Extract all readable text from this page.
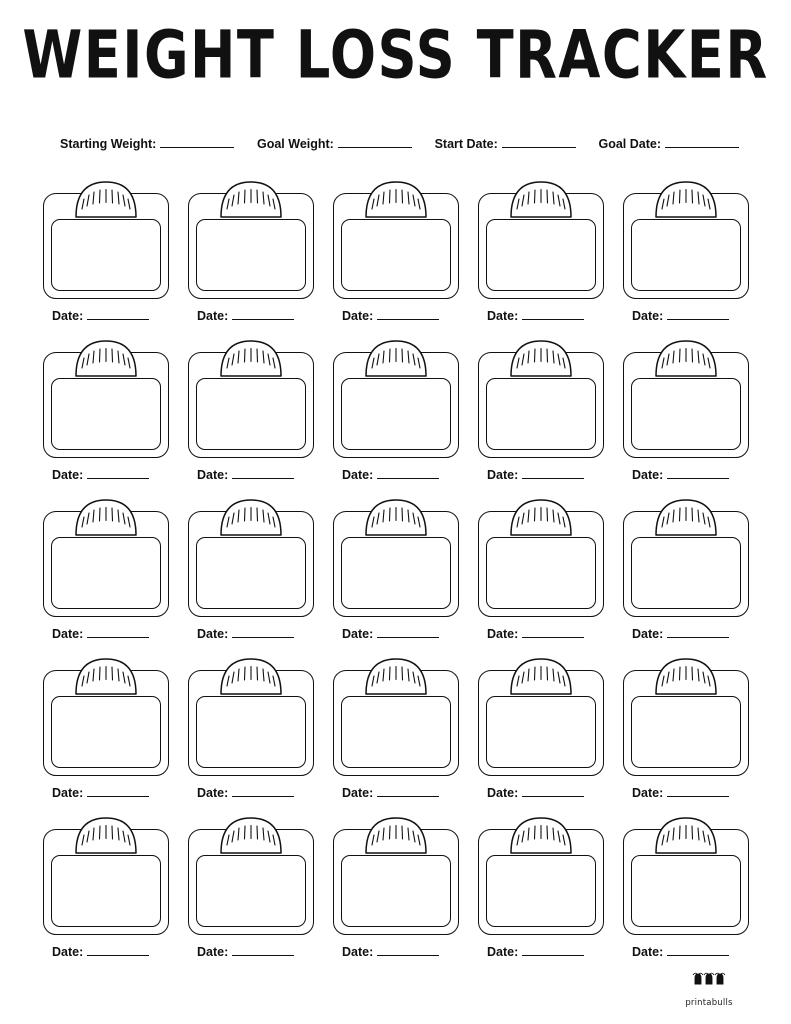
WEIGHT LOSS TRACKER
Starting Weight:	Goal Weight:	Start Date:	Goal Date:
Date:	Date:	Date:	Date:	Date:
Date:	Date:	Date:	Date:	Date:
Date:	Date:	Date:	Date:	Date:
Date:	Date:	Date:	Date:	Date:
Date:	Date:	Date:	Date:	Date:
printabulls
